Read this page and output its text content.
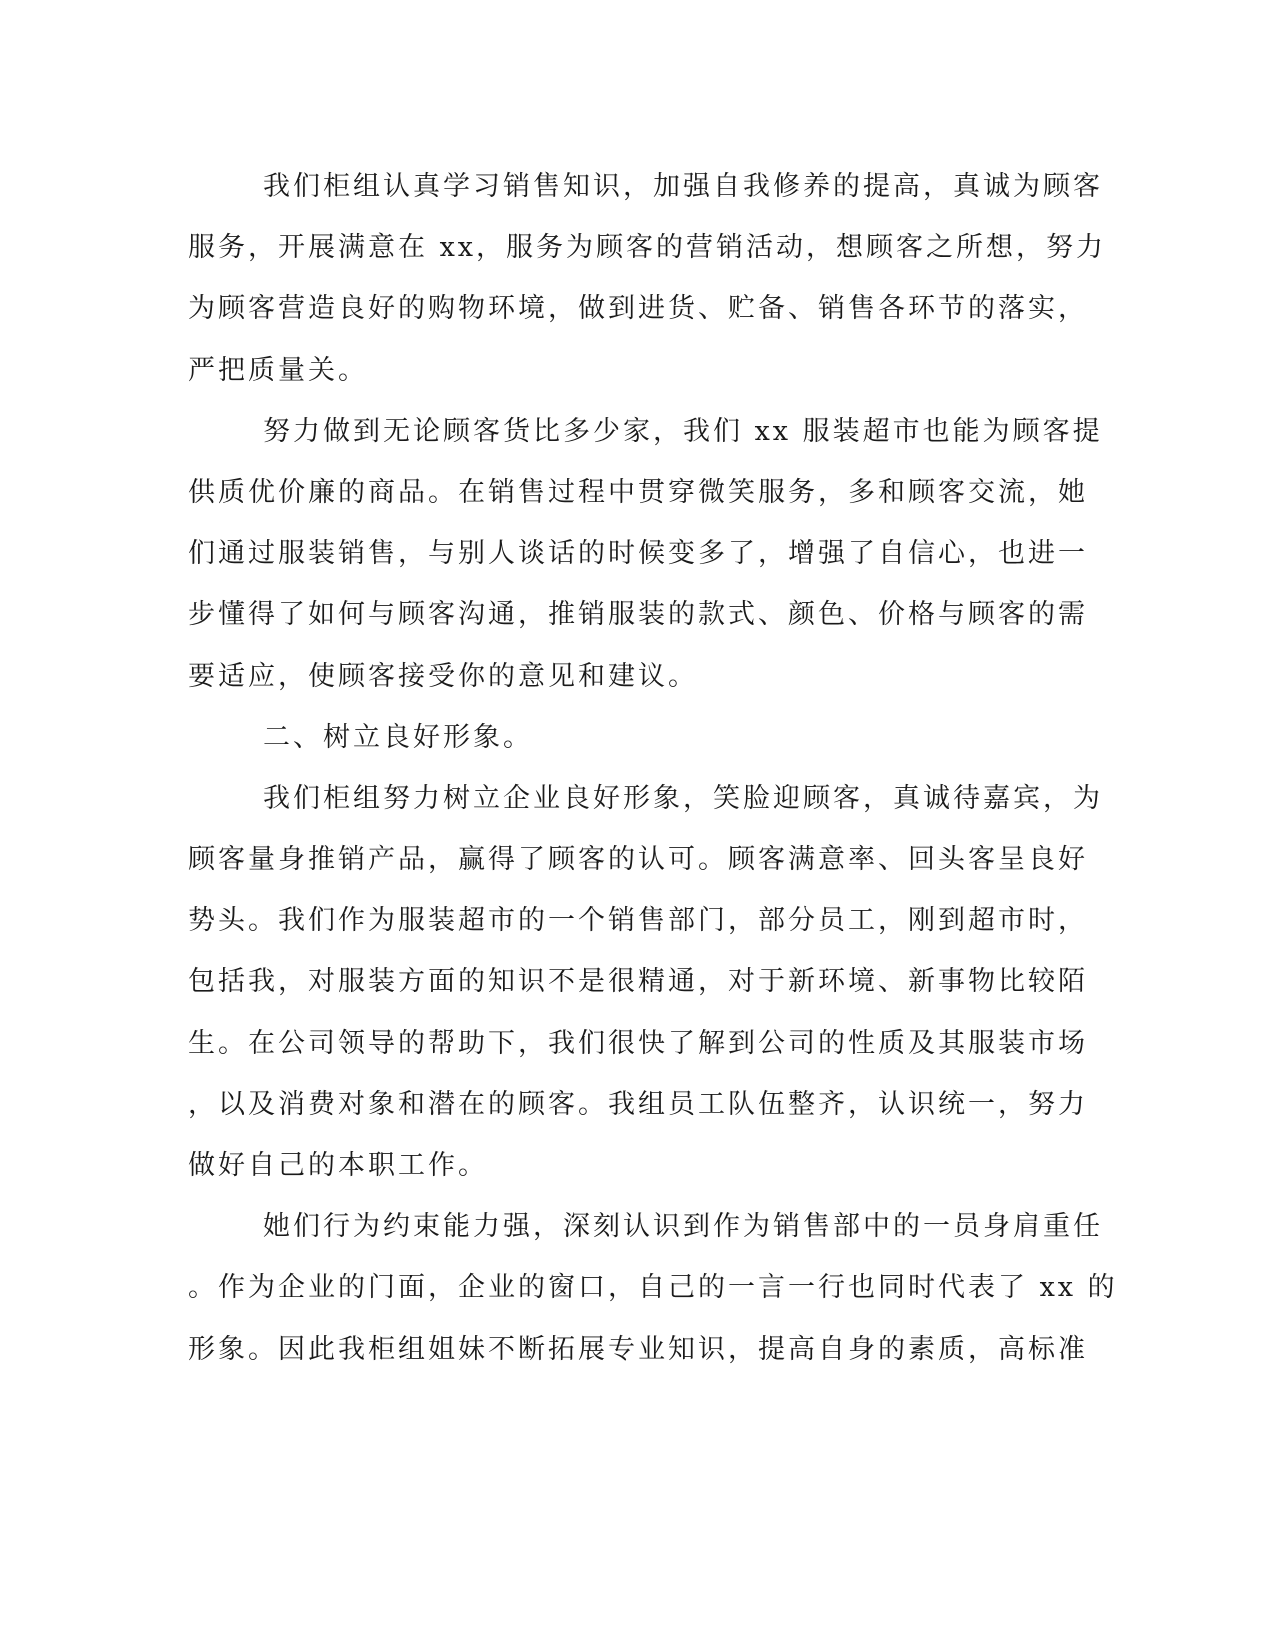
我们柜组认真学习销售知识，加强自我修养的提高，真诚为顾客
服务，开展满意在 xx，服务为顾客的营销活动，想顾客之所想，努力
为顾客营造良好的购物环境，做到进货、贮备、销售各环节的落实，
严把质量关。
努力做到无论顾客货比多少家，我们 xx 服装超市也能为顾客提
供质优价廉的商品。在销售过程中贯穿微笑服务，多和顾客交流，她
们通过服装销售，与别人谈话的时候变多了，增强了自信心，也进一
步懂得了如何与顾客沟通，推销服装的款式、颜色、价格与顾客的需
要适应，使顾客接受你的意见和建议。
二、树立良好形象。
我们柜组努力树立企业良好形象，笑脸迎顾客，真诚待嘉宾，为
顾客量身推销产品，赢得了顾客的认可。顾客满意率、回头客呈良好
势头。我们作为服装超市的一个销售部门，部分员工，刚到超市时，
包括我，对服装方面的知识不是很精通，对于新环境、新事物比较陌
生。在公司领导的帮助下，我们很快了解到公司的性质及其服装市场
，以及消费对象和潜在的顾客。我组员工队伍整齐，认识统一，努力
做好自己的本职工作。
她们行为约束能力强，深刻认识到作为销售部中的一员身肩重任
。作为企业的门面，企业的窗口，自己的一言一行也同时代表了 xx 的
形象。因此我柜组姐妹不断拓展专业知识，提高自身的素质，高标准
